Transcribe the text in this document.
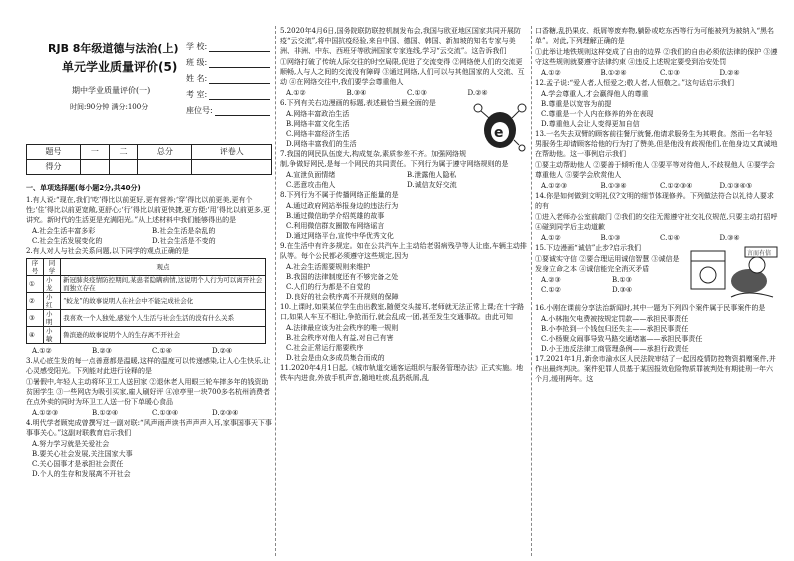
RJB 8年级道德与法治(上)
单元学业质量评价(5)
期中学业质量评价(一)
时间:90分钟 满分:100分
学 校:
班 级:
姓 名:
考 室:
座位号:
题号	一	二	总分	评卷人
得分				
一、单项选择题(每小题2分,共40分)

1.有人说:“现在,我们‘吃’得比以前更好,更有营养;‘穿’得比以前更美,更有个性;‘住’得比以前更宽敞,更舒心;‘行’得比以前更快捷,更方便;‘用’得比以前更多,更讲究。新时代的生活更是充满阳光。”从上述材料中我们能够得出的是

A.社会生活丰富多彩	B.社会生活是杂乱的
C.社会生活发展变化的	D.社会生活是不变的

2.有人对人与社会关系问题,以下同学的观点正确的是

序号	同学	观点
①	小龙	新冠肺炎疫情防控期间,某患者隐瞒病情,这说明个人行为可以离开社会而独立存在
②	小红	“蛟龙”的故事说明人在社会中不能完成社会化
③	小明	我喜欢一个人独处,感觉个人生活与社会生活的没有什么关系
④	小敏	鲁滨逊的故事说明个人的生存离不开社会
A.①②	B.②③	C.①④	D.②④

3.从心底生发的每一点善意都是温暖,这样的温度可以传递感染,让人心生快乐,让心灵感受阳光。下列能对此进行诠释的是

①暑假中,年轻人主动将环卫工人送回家 ②退休老人用眼三轮车摔多年的钱资助贫困学生 ③一些网店为吸引买家,雇人刷好评 ④凉亭里一块700多名杭州消费者在点外卖的同时为环卫工人送一份下单暖心食品

A.①②③	B.①②④	C.①③④	D.②③④

4.明代学者顾宪成曾撰写过一副对联:“风声雨声读书声声声入耳,家事国事天下事事事关心。”这副对联教育启示我们

A.努力学习就是关爱社会

B.要关心社会发展,关注国家大事

C.关心国事才是承担社会责任

D.个人的生存和发展离不开社会

5.2020年4月6日,国务院联防联控机制发布会,我国与欧亚地区国家共同开展防疫“云交流”,将中国抗疫经验,来自中国、德国、韩国、新加坡的知名专家与美洲、非洲、中东、西班牙等欧洲国家专家连线,学习“云交流”。这告诉我们

①网络打破了传统人际交往的时空局限,促进了交流变得 ②网络使人们的交流更顺畅,人与人之间的交流没有障碍 ③通过网络,人们可以与其他国家的人交流、互动 ④在网络交往中,我们要学会尊重他人

A.①②	B.③④	C.①③	D.②④
e

6.下列有关右边漫画的标题,表述最恰当最全面的是

A.网络丰富政治生活

B.网络丰富文化生活

C.网络丰富经济生活

D.网络丰富我们的生活

7.我国的网民队伍庞大,构成复杂,素质参差不齐。加强网络规制,争做好网民,是每一个网民的共同责任。下列行为属于遵守网络规则的是

A.宣泄负面情绪	B.泄露他人隐私
C.恶意攻击他人	D.诚信友好交流

8.下列行为不属于传播网络正能量的是

A.通过政府网站举报身边的违法行为

B.通过微信助学介绍英雄的故事

C.利用微信群友圈散布网络谣言

D.通过网络平台,宣传中华优秀文化

9.在生活中有许多规定。如在公共汽车上主动给老弱病残孕等人让座,车辆主动排队等。每个公民都必须遵守这些规定,因为

A.社会生活需要规则来维护

B.我国的法律制度还有不够完备之处

C.人们的行为都是不自觉的

D.良好的社会秩序离不开规则的保障

10.上课时,如果某位学生由出教室,随便交头接耳,老师就无法正常上课;在十字路口,如果人车互不相让,争抢而行,就会乱成一团,甚至发生交通事故。由此可知

A.法律最应该为社会秩序的唯一规则

B.社会秩序对他人有益,对自己有害

C.社会正常运行需要秩序

D.社会是由众多成员集合而成的

11.2020年4月1日起,《城市轨道交通客运组织与服务管理办法》正式实施。地铁车内进食,外放手机声音,随地吐痰,乱扔纸屑,乱

口香糖,乱扔果皮、纸屑等废弃物,躺卧或吃东西等行为可能被列为被纳入“黑名单”。对此,下列理解正确的是

①此举让地铁规则这样变成了自由的边界 ②我们的自由必须依法律的保护 ③遵守这些规则就要遵守法律约束 ④违反上述规定要受到治安处罚

A.①②	B.①②④	C.①③	D.②④

12.孟子说:“爱人者,人恒爱之;敬人者,人恒敬之。”这句话启示我们

A.学会尊重人,才会赢得他人的尊重

B.尊重是以宽容为前提

C.尊重是一个人内在修养的外在表现

D.尊重他人会让人变得更加自信

13.一名失去双臂的顾客前往餐厅就餐,他请求服务生为其喂食。然而一名年轻男服务生却请顾客给他的行为打了赞美,但是他没有歧视他们,在他身边又真诚地在帮助他。这一事例启示我们

①要主动帮助他人 ②要善于倾听他人 ③要平等对待他人,不歧视他人 ④要学会尊重他人 ⑤要学会欣赏他人

A.①②③	B.①③④	C.①②③④	D.①③④⑤

14.你是如何做到文明礼仪?文明的细节体现修养。下列做法符合以礼待人要求的有

①进入老师办公室前敲门 ②我们的交往无需遵守社交礼仪规范,只要主动打招呼 ④碰到同学后主动道歉

A.①②	B.①③	C.①④	D.③④
言而有信

15.下边漫画“诚信”止步?启示我们

①要诚实守信 ②要合理运用诚信智慧 ③诚信是发身立命之本 ④诚信能完全消灭矛盾

A.②③	B.①③
C.①②	D.③④

16.小刚在课前分享法治新闻时,其中一题为下列四个案件属于民事案件的是

A.小林拖欠电费被按规定罚款——承担民事责任

B.小李抢到一个钱包归还失主——承担民事责任

C.小杨聚众闹事导致马路交通堵塞——承担民事责任

D.小王违反法律工商管理条例——承担行政责任

17.2021年1月,新余市渝水区人民法院审结了一起因疫情防控物资捐赠案件,并作出最终判决。案件犯罪人员基于某因报效危险物质罪被判处有期徒刑一年六个月,缓刑两年。这
